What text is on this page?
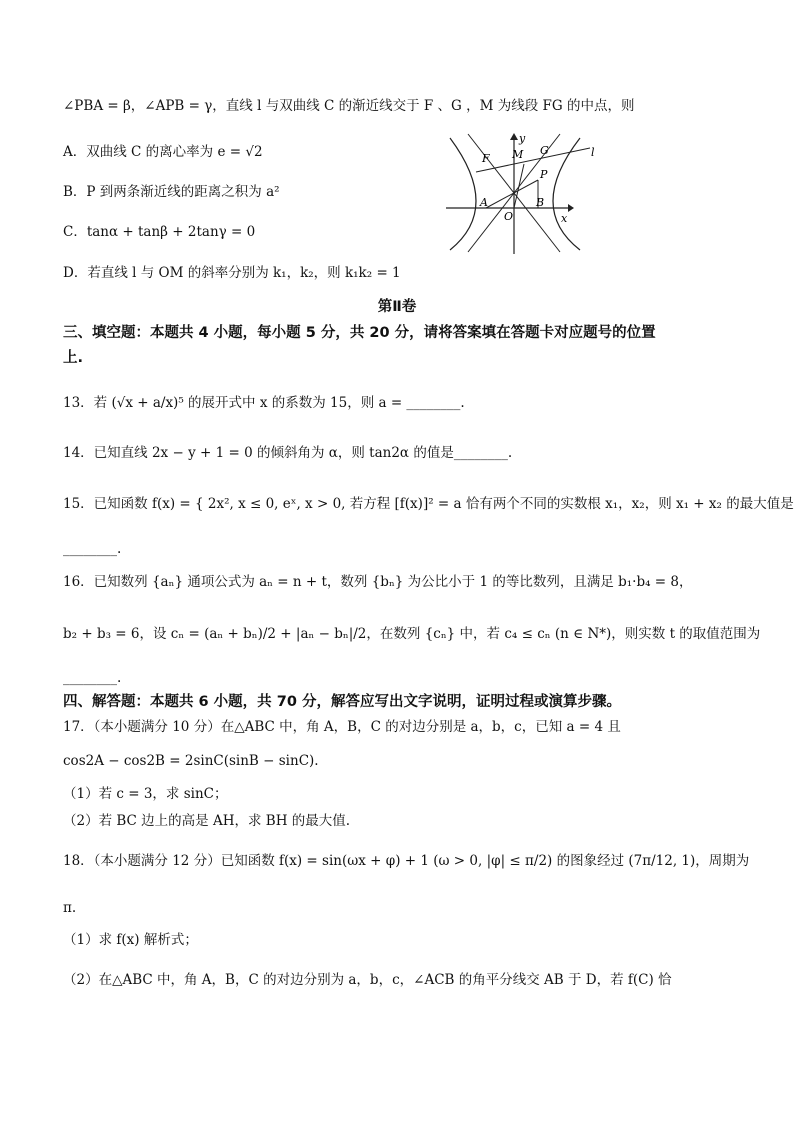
∠PBA = β，∠APB = γ，直线 l 与双曲线 C 的渐近线交于 F 、G ，M 为线段 FG 的中点，则
A．双曲线 C 的离心率为 e = √2
B．P 到两条渐近线的距离之积为 a²
C．tanα + tanβ + 2tanγ = 0
D．若直线 l 与 OM 的斜率分别为 k₁，k₂，则 k₁k₂ = 1
y
x
F M G	l
P
A
O
B
第Ⅱ卷
三、填空题：本题共 4 小题，每小题 5 分，共 20 分，请将答案填在答题卡对应题号的位置
上.
13．若 (√x + a/x)⁵ 的展开式中 x 的系数为 15，则 a = ________.
14．已知直线 2x − y + 1 = 0 的倾斜角为 α，则 tan2α 的值是________.
15．已知函数 f(x) = { 2x², x ≤ 0, eˣ, x > 0, 若方程 [f(x)]² = a 恰有两个不同的实数根 x₁，x₂，则 x₁ + x₂ 的最大值是
________.
16．已知数列 {aₙ} 通项公式为 aₙ = n + t，数列 {bₙ} 为公比小于 1 的等比数列，且满足 b₁·b₄ = 8，
b₂ + b₃ = 6，设 cₙ = (aₙ + bₙ)/2 + |aₙ − bₙ|/2，在数列 {cₙ} 中，若 c₄ ≤ cₙ (n ∈ N*)，则实数 t 的取值范围为
________.
四、解答题：本题共 6 小题，共 70 分，解答应写出文字说明，证明过程或演算步骤。
17．（本小题满分 10 分）在△ABC 中，角 A，B，C 的对边分别是 a，b，c，已知 a = 4 且
cos2A − cos2B = 2sinC(sinB − sinC).
（1）若 c = 3，求 sinC；
（2）若 BC 边上的高是 AH，求 BH 的最大值.
18．（本小题满分 12 分）已知函数 f(x) = sin(ωx + φ) + 1 (ω > 0, |φ| ≤ π/2) 的图象经过 (7π/12, 1)，周期为
π.
（1）求 f(x) 解析式；
（2）在△ABC 中，角 A，B，C 的对边分别为 a，b，c，∠ACB 的角平分线交 AB 于 D，若 f(C) 恰
